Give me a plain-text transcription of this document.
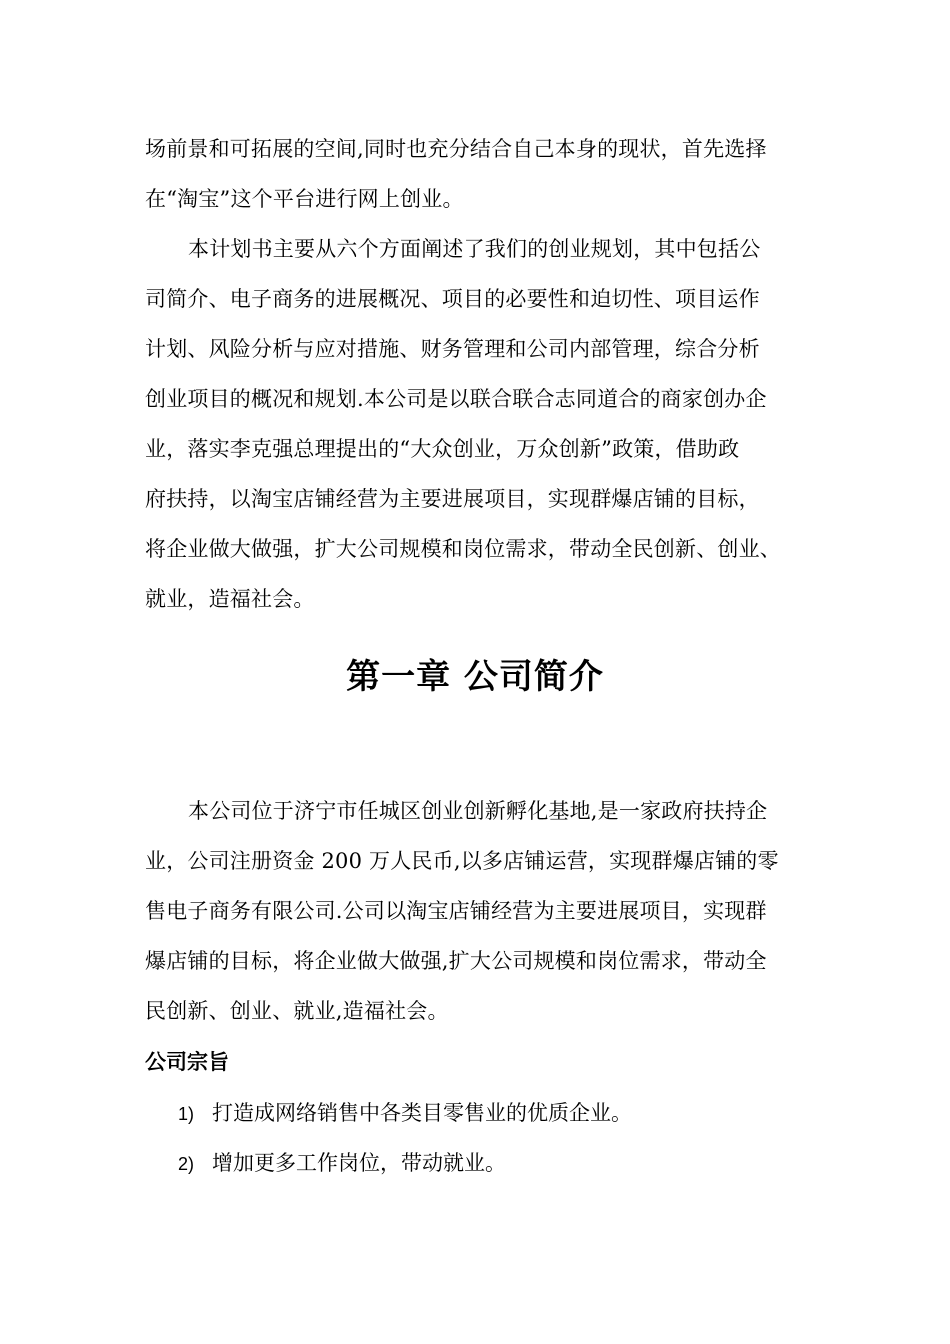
场前景和可拓展的空间,同时也充分结合自己本身的现状，首先选择
在“淘宝”这个平台进行网上创业。
本计划书主要从六个方面阐述了我们的创业规划，其中包括公
司简介、电子商务的进展概况、项目的必要性和迫切性、项目运作
计划、风险分析与应对措施、财务管理和公司内部管理，综合分析
创业项目的概况和规划.本公司是以联合联合志同道合的商家创办企
业，落实李克强总理提出的“大众创业，万众创新”政策，借助政
府扶持，以淘宝店铺经营为主要进展项目，实现群爆店铺的目标，
将企业做大做强，扩大公司规模和岗位需求，带动全民创新、创业、
就业，造福社会。
第一章 公司简介
本公司位于济宁市任城区创业创新孵化基地,是一家政府扶持企
业，公司注册资金 200 万人民币,以多店铺运营，实现群爆店铺的零
售电子商务有限公司.公司以淘宝店铺经营为主要进展项目，实现群
爆店铺的目标，将企业做大做强,扩大公司规模和岗位需求，带动全
民创新、创业、就业,造福社会。
公司宗旨
1) 打造成网络销售中各类目零售业的优质企业。
2) 增加更多工作岗位，带动就业。
